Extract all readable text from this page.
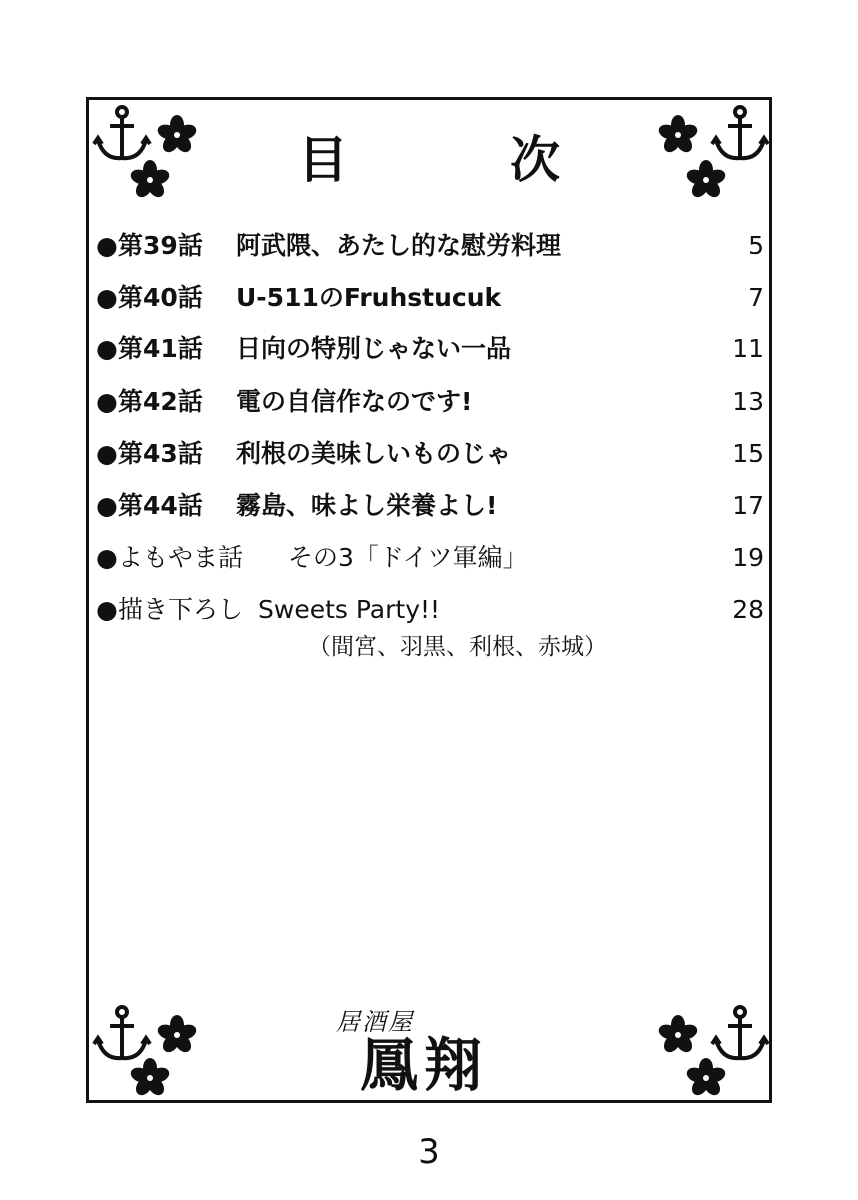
目　次
●第39話 阿武隈、あたし的な慰労料理	5
●第40話 U-511のFruhstucuk	7
●第41話 日向の特別じゃない一品	11
●第42話 電の自信作なのです!	13
●第43話 利根の美味しいものじゃ	15
●第44話 霧島、味よし栄養よし!	17
●よもやま話 その3「ドイツ軍編」	19
●描き下ろし Sweets Party!!	28
（間宮、羽黒、利根、赤城）
居酒屋
鳳翔
3
